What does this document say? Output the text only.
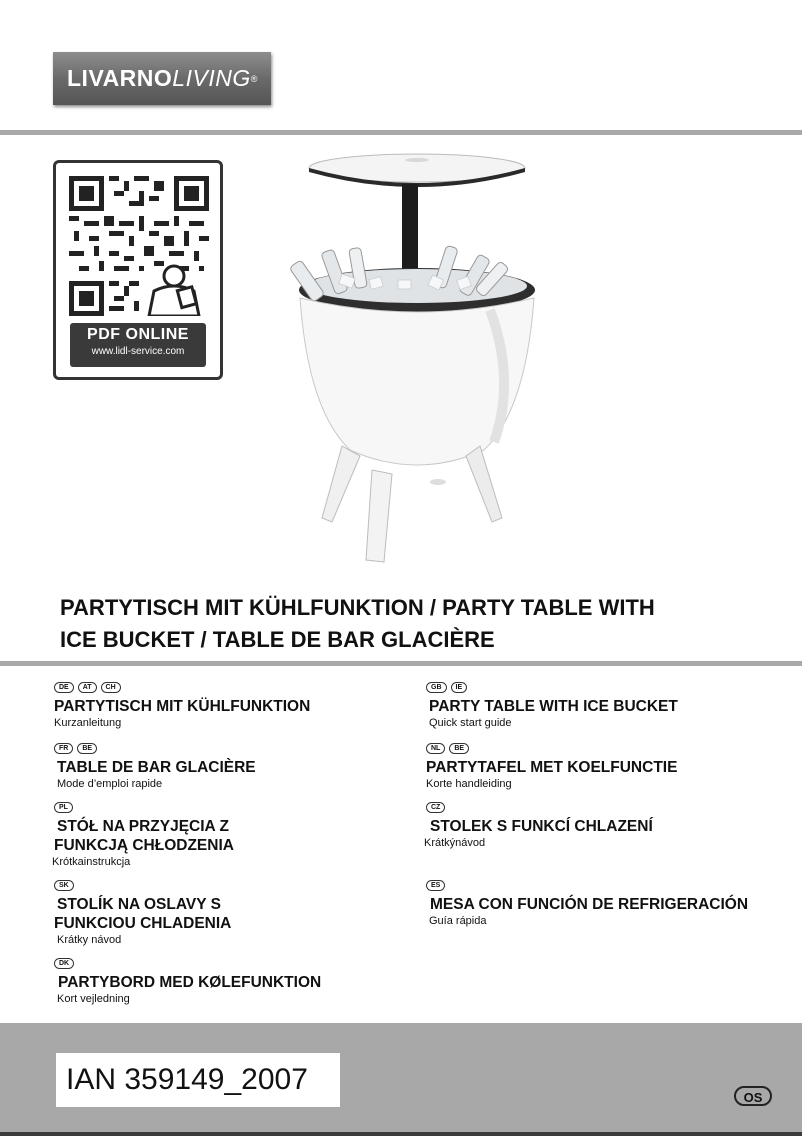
LIVARNO LIVING ®
PDF ONLINE
www.lidl-service.com
PARTYTISCH MIT KÜHLFUNKTION / PARTY TABLE WITH
ICE BUCKET / TABLE DE BAR GLACIÈRE
DE	AT	CH
PARTYTISCH MIT KÜHLFUNKTION
Kurzanleitung
GB	IE
PARTY TABLE WITH ICE BUCKET
Quick start guide
FR	BE
TABLE DE BAR GLACIÈRE
Mode d’emploi rapide
NL	BE
PARTYTAFEL MET KOELFUNCTIE
Korte handleiding
PL
STÓŁ NA PRZYJĘCIA Z
FUNKCJĄ CHŁODZENIA
Krótkainstrukcja
CZ
STOLEK S FUNKCÍ CHLAZENÍ
Krátkýnávod
SK
STOLÍK NA OSLAVY S
FUNKCIOU CHLADENIA
Krátky návod
ES
MESA CON FUNCIÓN DE REFRIGERACIÓN
Guía rápida
DK
PARTYBORD MED KØLEFUNKTION
Kort vejledning
IAN 359149_2007
OS
